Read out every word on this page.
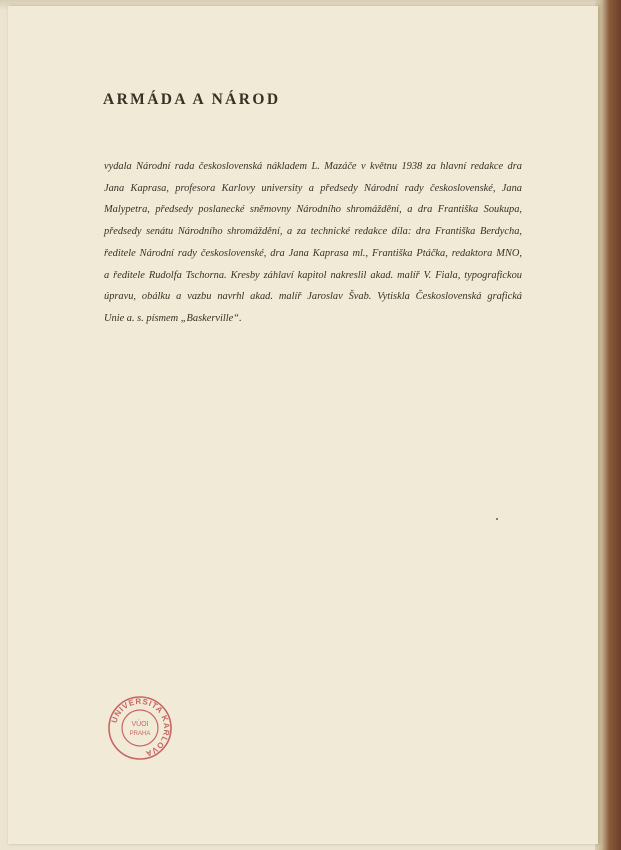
ARMÁDA A NÁROD

vydala Národní rada československá nákladem L. Mazáče v květnu 1938 za hlavní redakce dra
Jana Kaprasa, profesora Karlovy university a předsedy Národní rady československé, Jana
Malypetra, předsedy poslanecké sněmovny Národního shromáždění, a dra Františka Soukupa,
předsedy senátu Národního shromáždění, a za technické redakce díla: dra Františka Berdycha,
ředitele Národní rady československé, dra Jana Kaprasa ml., Františka Ptáčka, redaktora MNO,
a ředitele Rudolfa Tschorna. Kresby záhlaví kapitol nakreslil akad. malíř V. Fiala, typografickou
úpravu, obálku a vazbu navrhl akad. malíř Jaroslav Švab. Vytiskla Československá grafická
Unie a. s. písmem „Baskerville“.

UNIVERSITA KARLOVA
VÚOI
PRAHA
